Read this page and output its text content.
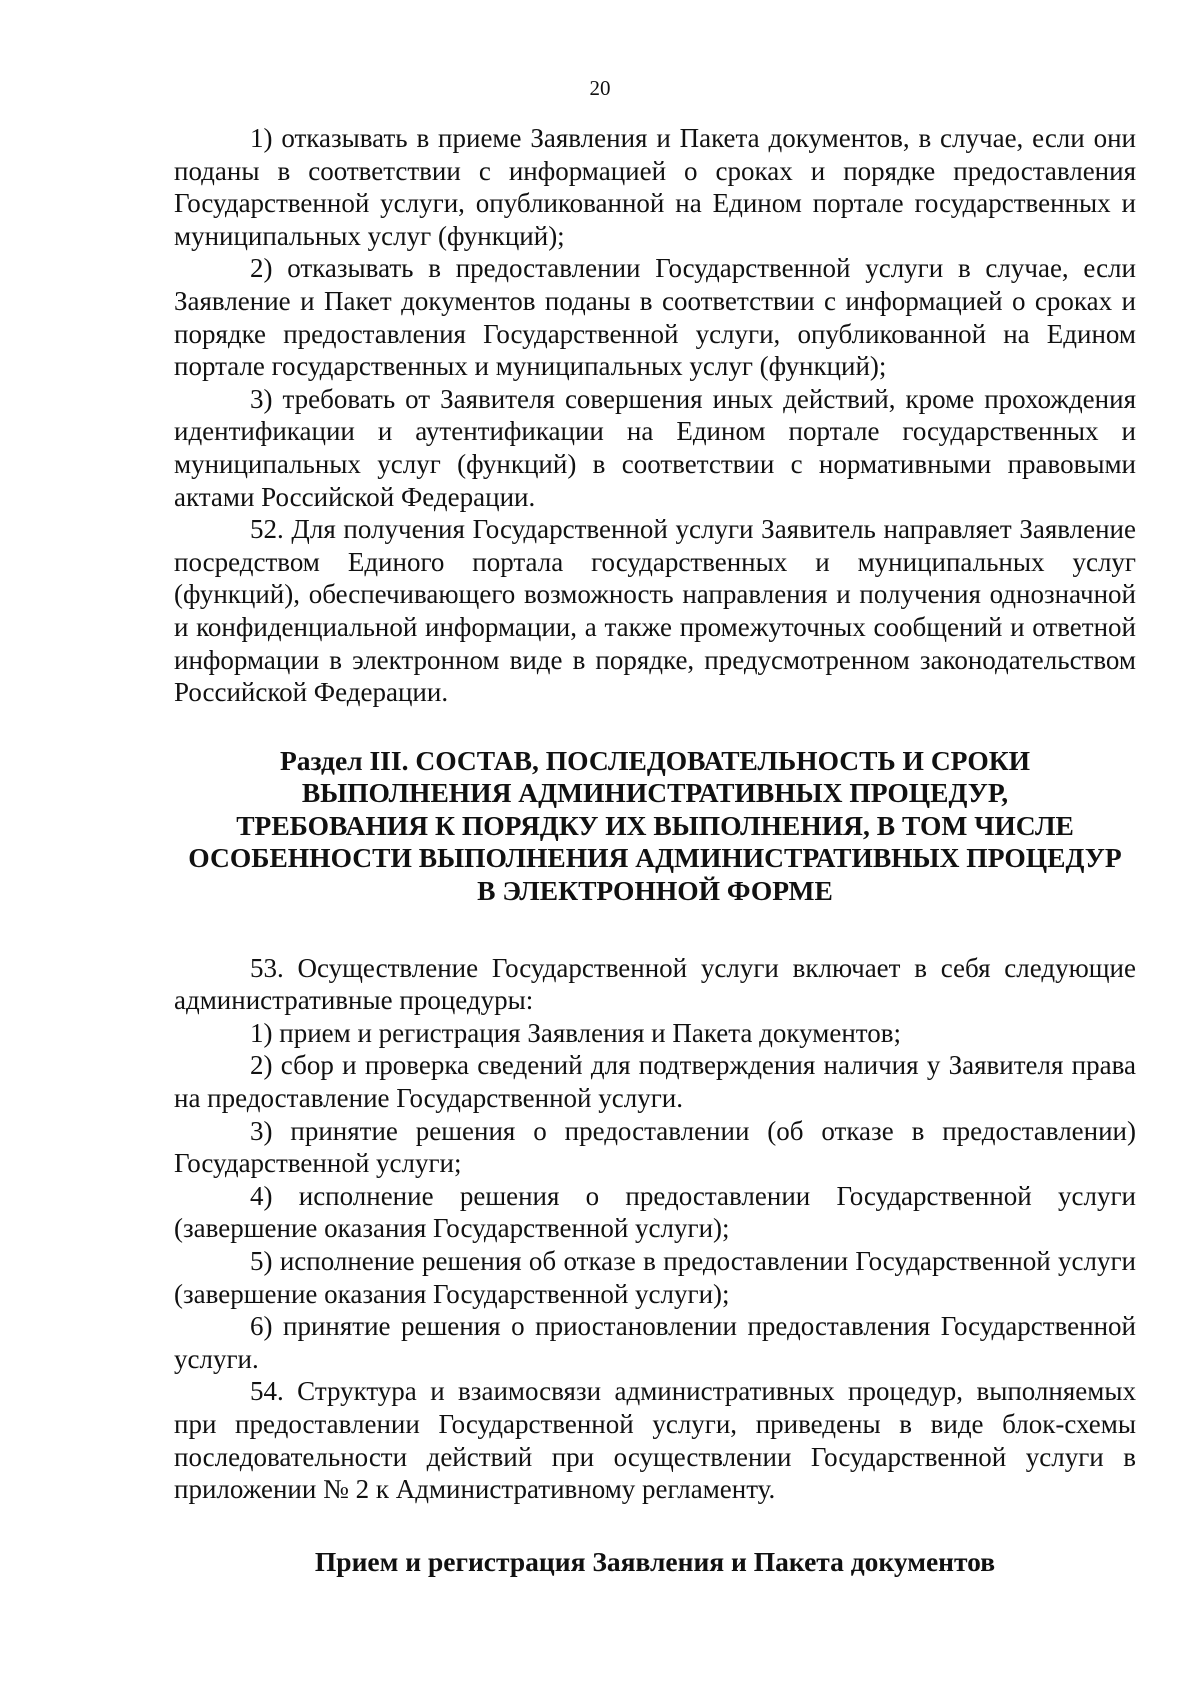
20

1) отказывать в приеме Заявления и Пакета документов, в случае, если они поданы в соответствии с информацией о сроках и порядке предоставления Государственной услуги, опубликованной на Едином портале государственных и муниципальных услуг (функций);

2) отказывать в предоставлении Государственной услуги в случае, если Заявление и Пакет документов поданы в соответствии с информацией о сроках и порядке предоставления Государственной услуги, опубликованной на Едином портале государственных и муниципальных услуг (функций);

3) требовать от Заявителя совершения иных действий, кроме прохождения идентификации и аутентификации на Едином портале государственных и муниципальных услуг (функций) в соответствии с нормативными правовыми актами Российской Федерации.

52. Для получения Государственной услуги Заявитель направляет Заявление посредством Единого портала государственных и муниципальных услуг (функций), обеспечивающего возможность направления и получения однозначной и конфиденциальной информации, а также промежуточных сообщений и ответной информации в электронном виде в порядке, предусмотренном законодательством Российской Федерации.

Раздел III. СОСТАВ, ПОСЛЕДОВАТЕЛЬНОСТЬ И СРОКИ
ВЫПОЛНЕНИЯ АДМИНИСТРАТИВНЫХ ПРОЦЕДУР,
ТРЕБОВАНИЯ К ПОРЯДКУ ИХ ВЫПОЛНЕНИЯ, В ТОМ ЧИСЛЕ
ОСОБЕННОСТИ ВЫПОЛНЕНИЯ АДМИНИСТРАТИВНЫХ ПРОЦЕДУР
В ЭЛЕКТРОННОЙ ФОРМЕ

53. Осуществление Государственной услуги включает в себя следующие административные процедуры:

1) прием и регистрация Заявления и Пакета документов;

2) сбор и проверка сведений для подтверждения наличия у Заявителя права на предоставление Государственной услуги.

3) принятие решения о предоставлении (об отказе в предоставлении) Государственной услуги;

4) исполнение решения о предоставлении Государственной услуги (завершение оказания Государственной услуги);

5) исполнение решения об отказе в предоставлении Государственной услуги (завершение оказания Государственной услуги);

6) принятие решения о приостановлении предоставления Государственной услуги.

54. Структура и взаимосвязи административных процедур, выполняемых при предоставлении Государственной услуги, приведены в виде блок-схемы последовательности действий при осуществлении Государственной услуги в приложении № 2 к Административному регламенту.

Прием и регистрация Заявления и Пакета документов
